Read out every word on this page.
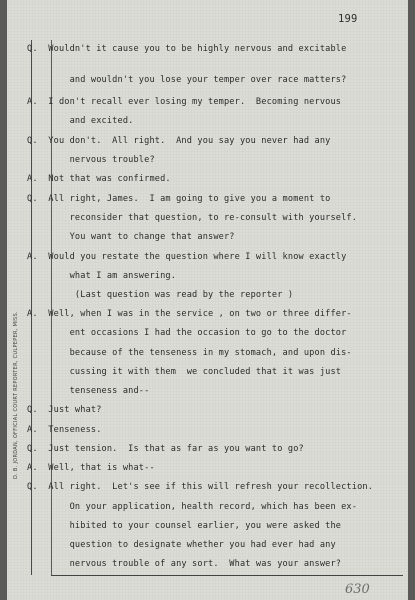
199
D. B. JORDAN, OFFICIAL COURT REPORTER, CULPEPER, MISS.
Q.  Wouldn't it cause you to be highly nervous and excitable
and wouldn't you lose your temper over race matters?
A.  I don't recall ever losing my temper.  Becoming nervous
and excited.
Q.  You don't.  All right.  And you say you never had any
nervous trouble?
A.  Not that was confirmed.
Q.  All right, James.  I am going to give you a moment to
reconsider that question, to re-consult with yourself.
You want to change that answer?
A.  Would you restate the question where I will know exactly
what I am answering.
(Last question was read by the reporter )
A.  Well, when I was in the service , on two or three differ-
ent occasions I had the occasion to go to the doctor
because of the tenseness in my stomach, and upon dis-
cussing it with them  we concluded that it was just
tenseness and--
Q.  Just what?
A.  Tenseness.
Q.  Just tension.  Is that as far as you want to go?
A.  Well, that is what--
Q.  All right.  Let's see if this will refresh your recollection.
On your application, health record, which has been ex-
hibited to your counsel earlier, you were asked the
question to designate whether you had ever had any
nervous trouble of any sort.  What was your answer?
630
